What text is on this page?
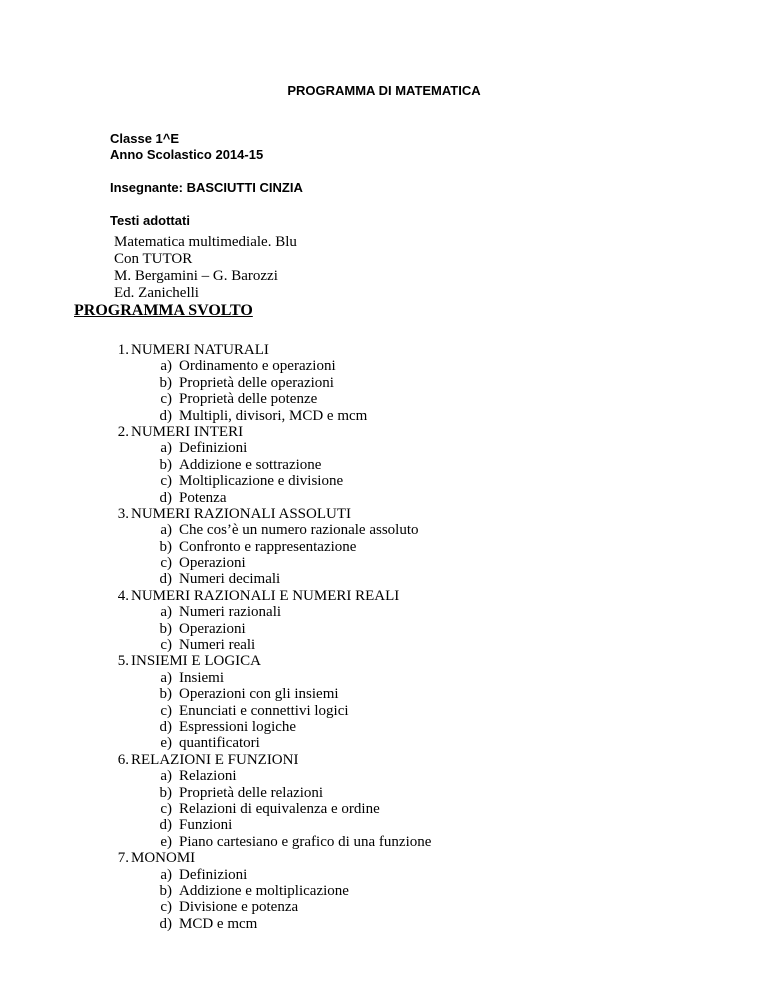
PROGRAMMA DI MATEMATICA
Classe 1^E
Anno Scolastico 2014-15
Insegnante: BASCIUTTI CINZIA
Testi adottati
Matematica multimediale. Blu
Con TUTOR
M. Bergamini – G. Barozzi
Ed. Zanichelli
PROGRAMMA SVOLTO
1. NUMERI NATURALI
a) Ordinamento e operazioni
b) Proprietà delle operazioni
c) Proprietà delle potenze
d) Multipli, divisori, MCD e mcm
2. NUMERI INTERI
a) Definizioni
b) Addizione e sottrazione
c) Moltiplicazione e divisione
d) Potenza
3. NUMERI RAZIONALI ASSOLUTI
a) Che cos’è un numero razionale assoluto
b) Confronto e rappresentazione
c) Operazioni
d) Numeri decimali
4. NUMERI RAZIONALI E NUMERI REALI
a) Numeri razionali
b) Operazioni
c) Numeri reali
5. INSIEMI E LOGICA
a) Insiemi
b) Operazioni con gli insiemi
c) Enunciati e connettivi logici
d) Espressioni logiche
e) quantificatori
6. RELAZIONI E FUNZIONI
a) Relazioni
b) Proprietà delle relazioni
c) Relazioni di equivalenza e ordine
d) Funzioni
e) Piano cartesiano e grafico di una funzione
7. MONOMI
a) Definizioni
b) Addizione e moltiplicazione
c) Divisione e potenza
d) MCD e mcm
